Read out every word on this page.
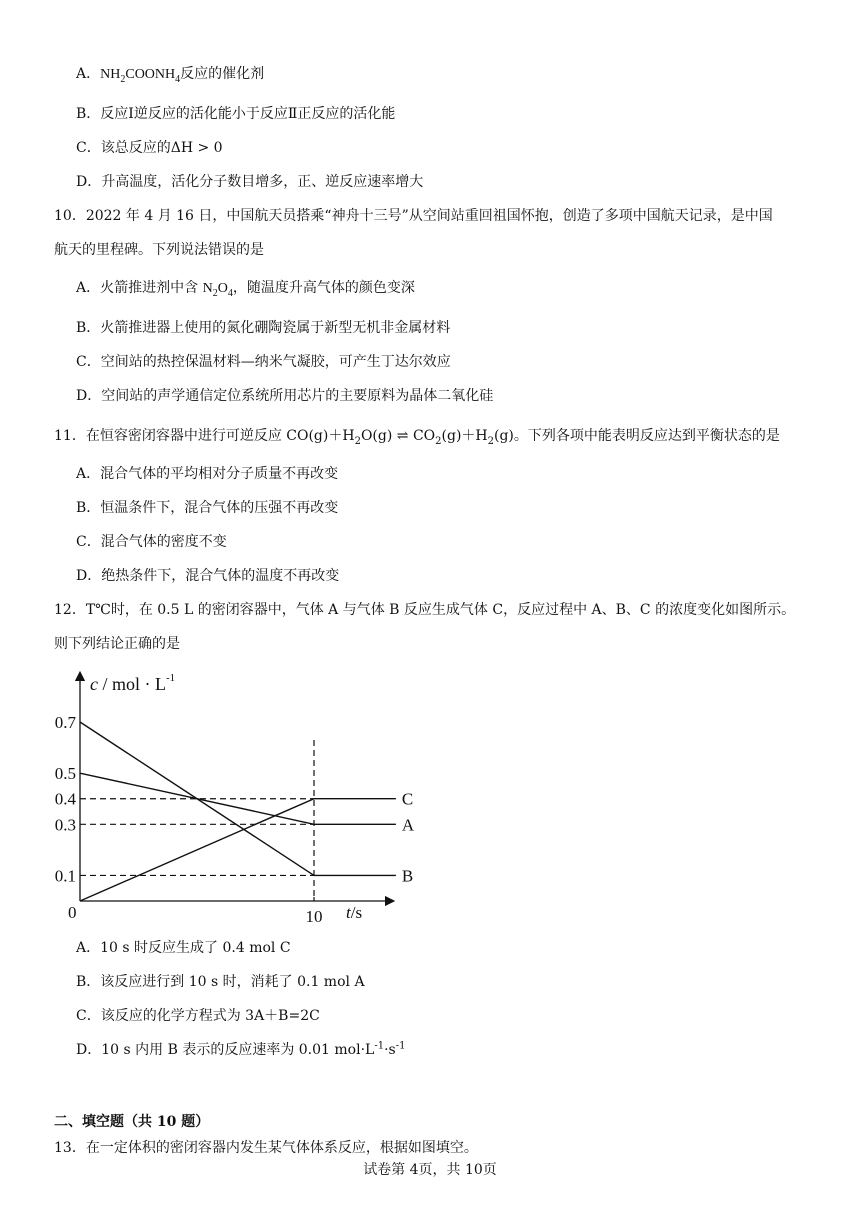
A．$NH_2COONH_4$反应的催化剂
B．反应Ⅰ逆反应的活化能小于反应Ⅱ正反应的活化能
C．该总反应的ΔH > 0
D．升高温度，活化分子数目增多，正、逆反应速率增大
10．2022 年 4 月 16 日，中国航天员搭乘“神舟十三号”从空间站重回祖国怀抱，创造了多项中国航天记录，是中国
航天的里程碑。下列说法错误的是
A．火箭推进剂中含 $N_2O_4$，随温度升高气体的颜色变深
B．火箭推进器上使用的氮化硼陶瓷属于新型无机非金属材料
C．空间站的热控保温材料—纳米气凝胶，可产生丁达尔效应
D．空间站的声学通信定位系统所用芯片的主要原料为晶体二氧化硅
11．在恒容密闭容器中进行可逆反应 $CO(g)+H_2O(g)$ ⇌ $CO_2(g)+H_2(g)$。下列各项中能表明反应达到平衡状态的是
A．混合气体的平均相对分子质量不再改变
B．恒温条件下，混合气体的压强不再改变
C．混合气体的密度不变
D．绝热条件下，混合气体的温度不再改变
12．T℃时，在 0.5 L 的密闭容器中，气体 A 与气体 B 反应生成气体 C，反应过程中 A、B、C 的浓度变化如图所示。
则下列结论正确的是
0.7
0.5
0.4
0.3
0.1
A
B
C
0	10
c / mol · $L^{-1}$
t/s
A．10 s 时反应生成了 0.4 mol C
B．该反应进行到 10 s 时，消耗了 0.1 mol A
C．该反应的化学方程式为 3A＋B=2C
D．10 s 内用 B 表示的反应速率为 0.01 $mol\cdot L^{-1}\cdot s^{-1}$
二、填空题（共 10 题）
13．在一定体积的密闭容器内发生某气体体系反应，根据如图填空。
试卷第 4页，共 10页
